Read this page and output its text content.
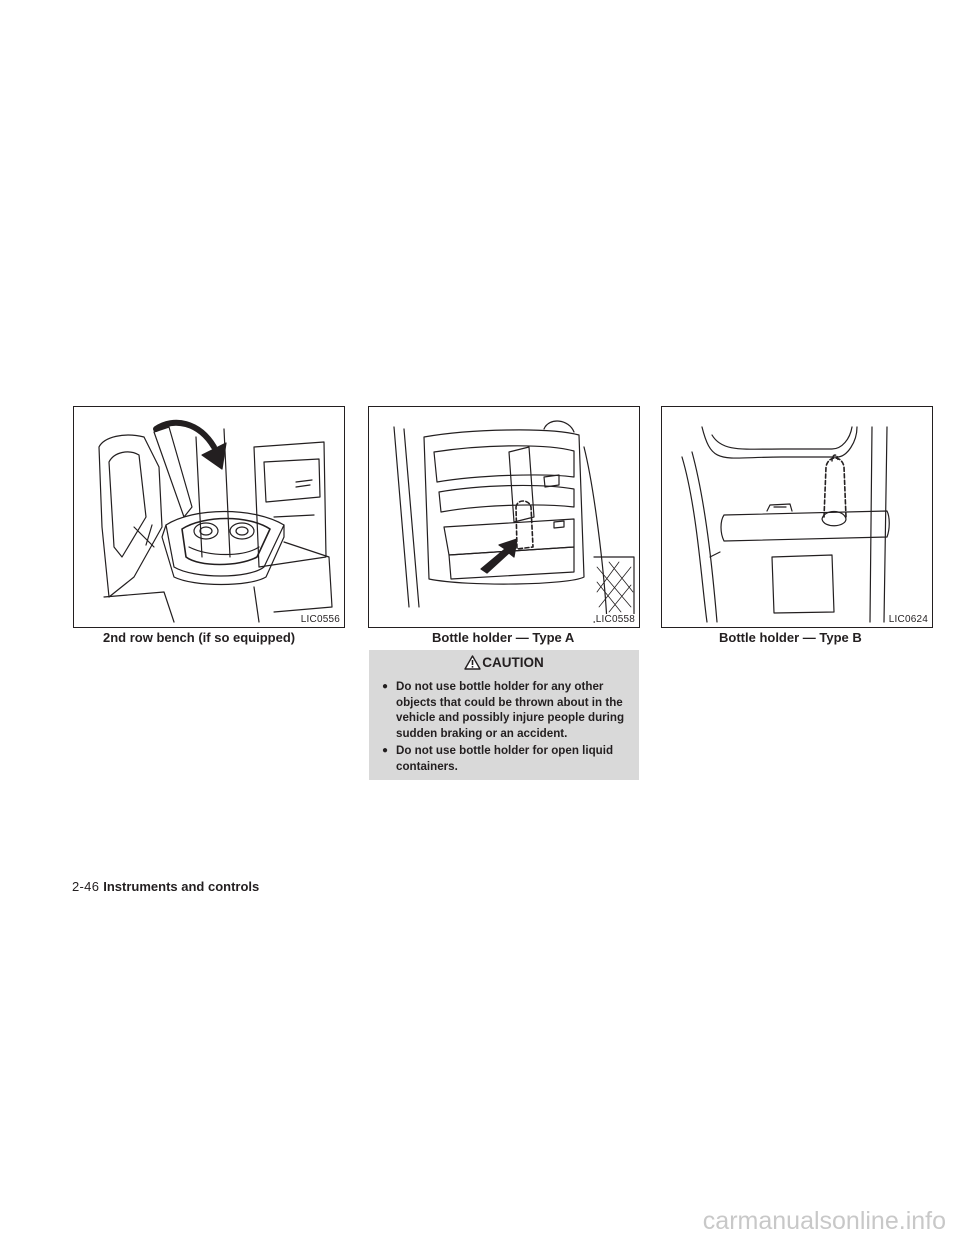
LIC0556
2nd row bench (if so equipped)
LIC0558
Bottle holder — Type A
LIC0624
Bottle holder — Type B
CAUTION
● Do not use bottle holder for any other objects that could be thrown about in the vehicle and possibly injure people during sudden braking or an accident.
● Do not use bottle holder for open liquid containers.
2-46 Instruments and controls
carmanualsonline.info
